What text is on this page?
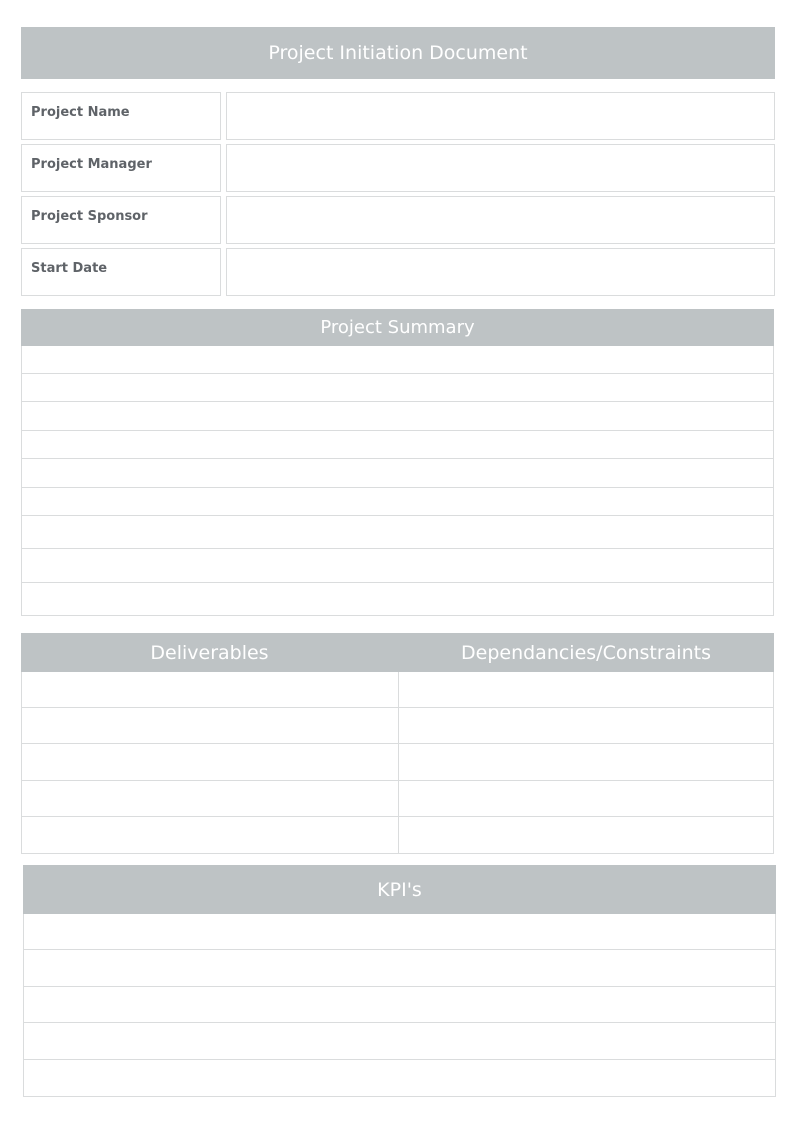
Project Initiation Document
Project Name
Project Manager
Project Sponsor
Start Date
Project Summary
Deliverables	Dependancies/Constraints
KPI's
